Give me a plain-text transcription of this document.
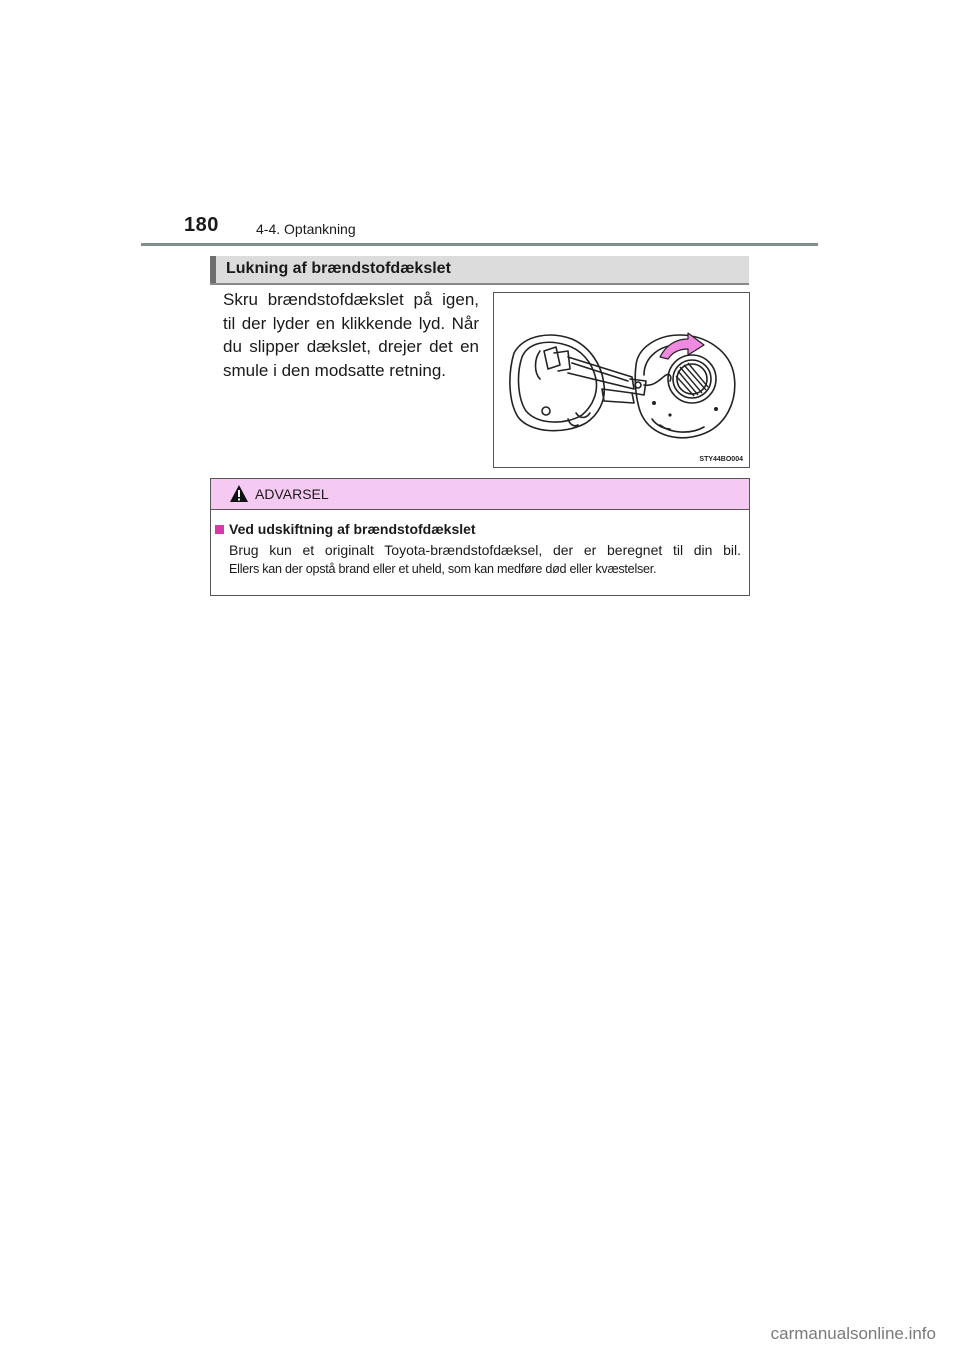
180	4-4. Optankning
Lukning af brændstofdækslet
Skru brændstofdækslet på igen, til der lyder en klikkende lyd. Når du slipper dækslet, drejer det en smule i den modsatte retning.
STY44BO004
ADVARSEL
Ved udskiftning af brændstofdækslet
Brug kun et originalt Toyota-brændstofdæksel, der er beregnet til din bil.
Ellers kan der opstå brand eller et uheld, som kan medføre død eller kvæstelser.
carmanualsonline.info
